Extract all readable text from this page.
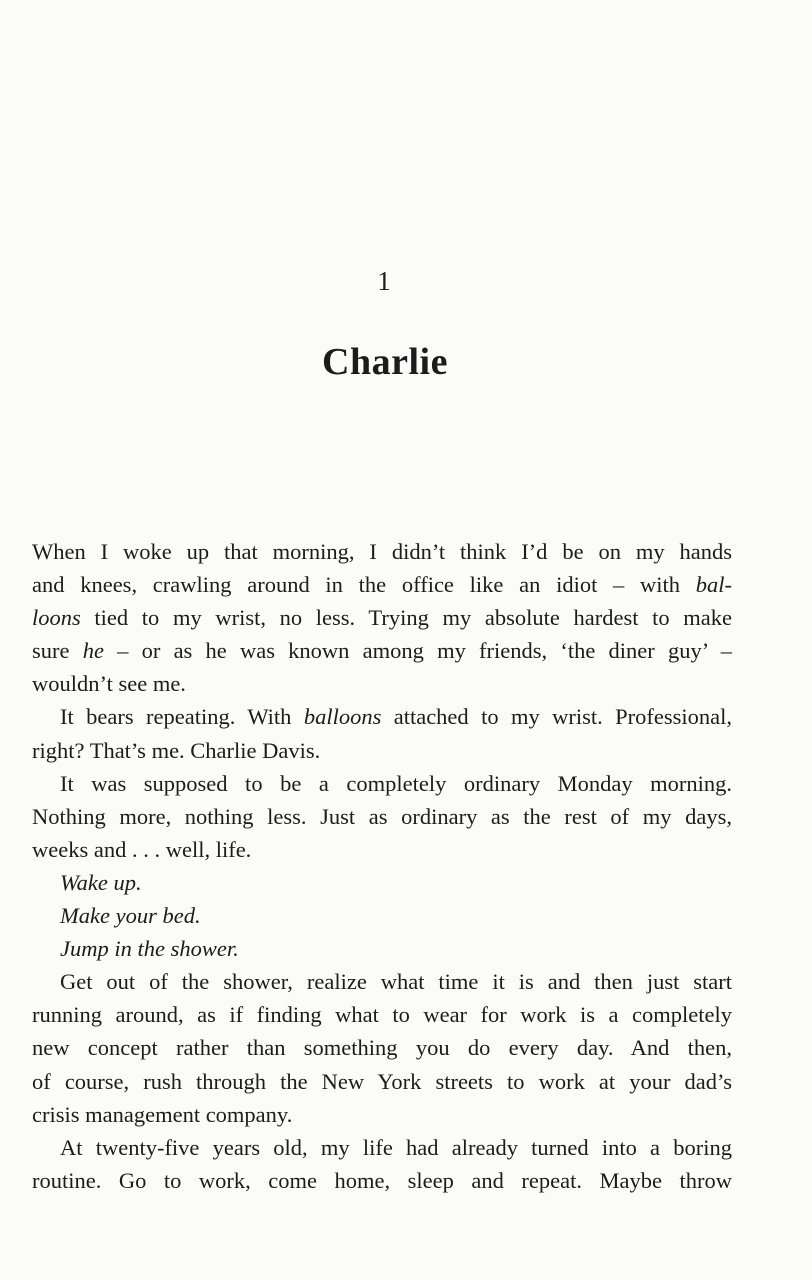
1
Charlie
When I woke up that morning, I didn’t think I’d be on my hands
and knees, crawling around in the office like an idiot – with bal-
loons tied to my wrist, no less. Trying my absolute hardest to make
sure he – or as he was known among my friends, ‘the diner guy’ –
wouldn’t see me.
It bears repeating. With balloons attached to my wrist. Professional,
right? That’s me. Charlie Davis.
It was supposed to be a completely ordinary Monday morning.
Nothing more, nothing less. Just as ordinary as the rest of my days,
weeks and . . . well, life.
Wake up.
Make your bed.
Jump in the shower.
Get out of the shower, realize what time it is and then just start
running around, as if finding what to wear for work is a completely
new concept rather than something you do every day. And then,
of course, rush through the New York streets to work at your dad’s
crisis management company.
At twenty-five years old, my life had already turned into a boring
routine. Go to work, come home, sleep and repeat. Maybe throw
